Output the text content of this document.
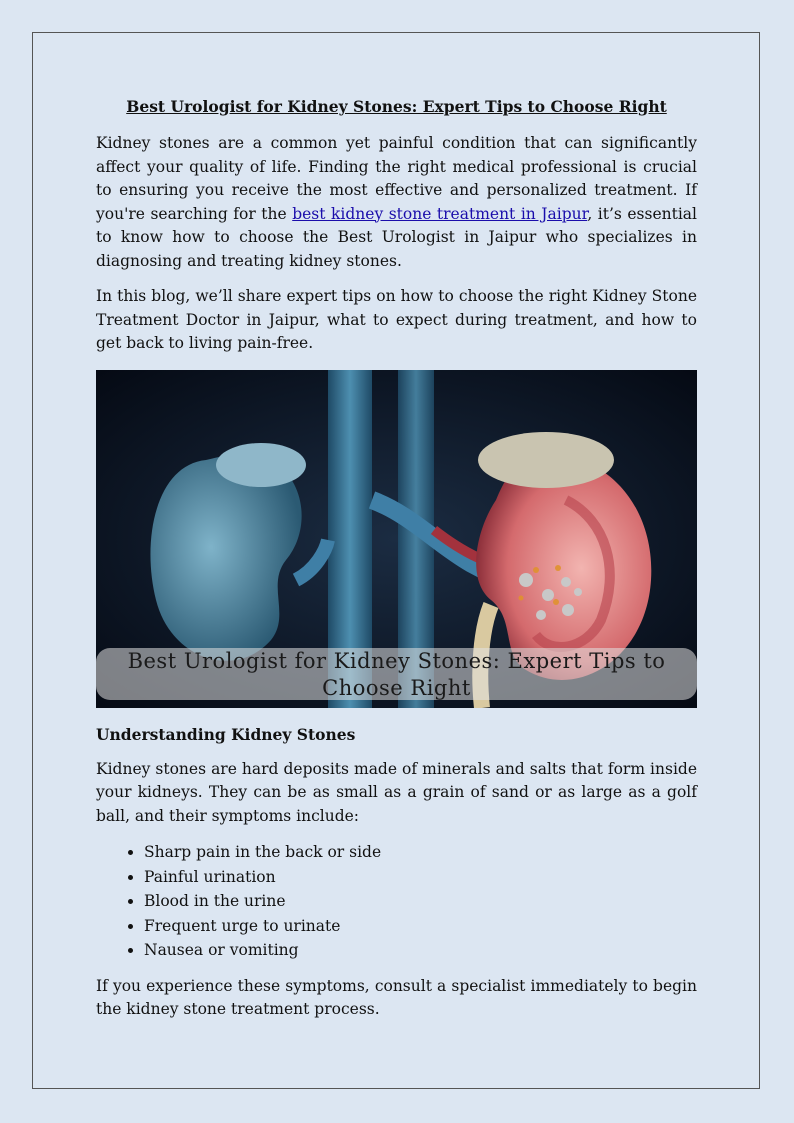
Best Urologist for Kidney Stones: Expert Tips to Choose Right

Kidney stones are a common yet painful condition that can significantly affect your quality of life. Finding the right medical professional is crucial to ensuring you receive the most effective and personalized treatment. If you're searching for the best kidney stone treatment in Jaipur, it’s essential to know how to choose the Best Urologist in Jaipur who specializes in diagnosing and treating kidney stones.

In this blog, we’ll share expert tips on how to choose the right Kidney Stone Treatment Doctor in Jaipur, what to expect during treatment, and how to get back to living pain-free.

Best Urologist for Kidney Stones: Expert Tips to
Choose Right
Understanding Kidney Stones

Kidney stones are hard deposits made of minerals and salts that form inside your kidneys. They can be as small as a grain of sand or as large as a golf ball, and their symptoms include:

• Sharp pain in the back or side
• Painful urination
• Blood in the urine
• Frequent urge to urinate
• Nausea or vomiting

If you experience these symptoms, consult a specialist immediately to begin the kidney stone treatment process.
